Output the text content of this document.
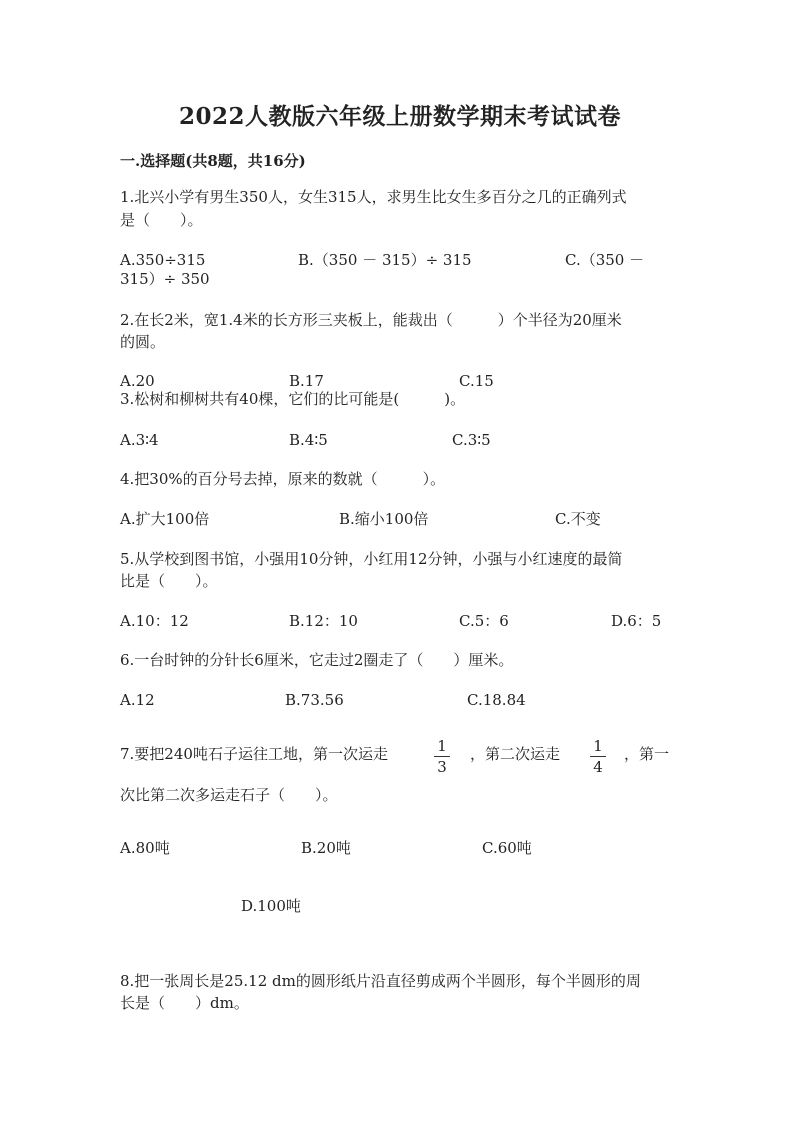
2022人教版六年级上册数学期末考试试卷
一.选择题(共8题，共16分)
1.北兴小学有男生350人，女生315人，求男生比女生多百分之几的正确列式
是（　　）。
A.350÷315	B.（350 － 315）÷ 315	C.（350 －
315）÷ 350
2.在长2米，宽1.4米的长方形三夹板上，能裁出（　　　）个半径为20厘米
的圆。
A.20	B.17	C.15
3.松树和柳树共有40棵，它们的比可能是(　　　)。
A.3∶4	B.4∶5	C.3∶5
4.把30%的百分号去掉，原来的数就（　　　）。
A.扩大100倍	B.缩小100倍	C.不变
5.从学校到图书馆，小强用10分钟，小红用12分钟，小强与小红速度的最简
比是（　　）。
A.10：12	B.12：10	C.5：6	D.6：5
6.一台时钟的分针长6厘米，它走过2圈走了（　　）厘米。
A.12	B.73.56	C.18.84
7.要把240吨石子运往工地，第一次运走	1
3
，第二次运走	1
4
，第一
次比第二次多运走石子（　　）。
A.80吨	B.20吨	C.60吨
D.100吨
8.把一张周长是25.12 dm的圆形纸片沿直径剪成两个半圆形，每个半圆形的周
长是（　　）dm。
